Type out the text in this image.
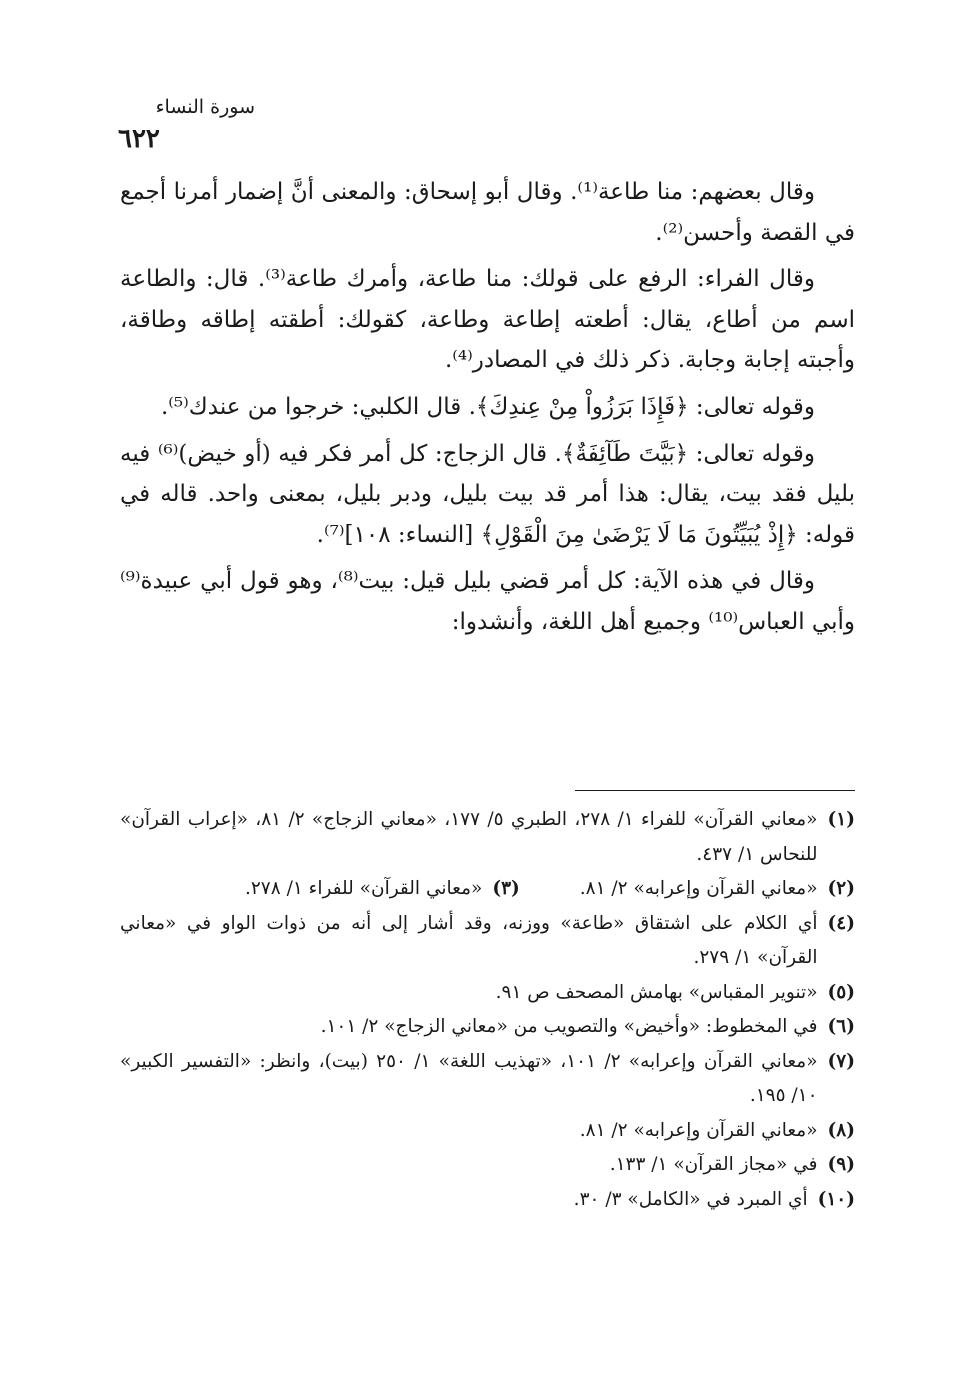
سورة النساء
٦٢٢

وقال بعضهم: منا طاعة⁽¹⁾. وقال أبو إسحاق: والمعنى أنَّ إضمار أمرنا أجمع في القصة وأحسن⁽²⁾.

وقال الفراء: الرفع على قولك: منا طاعة، وأمرك طاعة⁽³⁾. قال: والطاعة اسم من أطاع، يقال: أطعته إطاعة وطاعة، كقولك: أطقته إطاقه وطاقة، وأجبته إجابة وجابة. ذكر ذلك في المصادر⁽⁴⁾.

وقوله تعالى: ﴿فَإِذَا بَرَزُواْ مِنْ عِندِكَ﴾. قال الكلبي: خرجوا من عندك⁽⁵⁾.

وقوله تعالى: ﴿بَيَّتَ طَآئِفَةٌ﴾. قال الزجاج: كل أمر فكر فيه (أو خيض)⁽⁶⁾ فيه بليل فقد بيت، يقال: هذا أمر قد بيت بليل، ودبر بليل، بمعنى واحد. قاله في قوله: ﴿إِذْ يُبَيِّتُونَ مَا لَا يَرْضَىٰ مِنَ الْقَوْلِ﴾ [النساء: ١٠٨]⁽⁷⁾.

وقال في هذه الآية: كل أمر قضي بليل قيل: بيت⁽⁸⁾، وهو قول أبي عبيدة⁽⁹⁾ وأبي العباس⁽¹⁰⁾ وجميع أهل اللغة، وأنشدوا:

(١)
«معاني القرآن» للفراء ١/ ٢٧٨، الطبري ٥/ ١٧٧، «معاني الزجاج» ٢/ ٨١، «إعراب القرآن» للنحاس ١/ ٤٣٧.
(٢)«معاني القرآن وإعرابه» ٢/ ٨١.
(٣)«معاني القرآن» للفراء ١/ ٢٧٨.
(٤)
أي الكلام على اشتقاق «طاعة» ووزنه، وقد أشار إلى أنه من ذوات الواو في «معاني القرآن» ١/ ٢٧٩.
(٥)
«تنوير المقباس» بهامش المصحف ص ٩١.
(٦)
في المخطوط: «وأخيض» والتصويب من «معاني الزجاج» ٢/ ١٠١.
(٧)
«معاني القرآن وإعرابه» ٢/ ١٠١، «تهذيب اللغة» ١/ ٢٥٠ (بيت)، وانظر: «التفسير الكبير» ١٠/ ١٩٥.
(٨)
«معاني القرآن وإعرابه» ٢/ ٨١.
(٩)
في «مجاز القرآن» ١/ ١٣٣.
(١٠)
أي المبرد في «الكامل» ٣/ ٣٠.
